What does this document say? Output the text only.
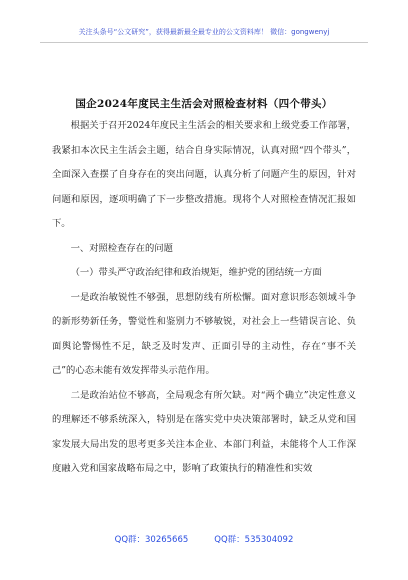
关注头条号“公文研究”，获得最新最全最专业的公文资料库！ 微信：gongwenyj
国企2024年度民主生活会对照检查材料（四个带头）

根据关于召开2024年度民主生活会的相关要求和上级党委工作部署，我紧扣本次民主生活会主题，结合自身实际情况，认真对照“四个带头”，全面深入查摆了自身存在的突出问题，认真分析了问题产生的原因，针对问题和原因，逐项明确了下一步整改措施。现将个人对照检查情况汇报如下。

一、对照检查存在的问题

（一）带头严守政治纪律和政治规矩，维护党的团结统一方面

一是政治敏锐性不够强，思想防线有所松懈。面对意识形态领域斗争的新形势新任务，警觉性和鉴别力不够敏锐，对社会上一些错误言论、负面舆论警惕性不足，缺乏及时发声、正面引导的主动性，存在“事不关己”的心态未能有效发挥带头示范作用。

二是政治站位不够高，全局观念有所欠缺。对“两个确立”决定性意义的理解还不够系统深入，特别是在落实党中央决策部署时，缺乏从党和国家发展大局出发的思考更多关注本企业、本部门利益，未能将个人工作深度融入党和国家战略布局之中，影响了政策执行的精准性和实效

QQ群：30265665	QQ群：535304092
